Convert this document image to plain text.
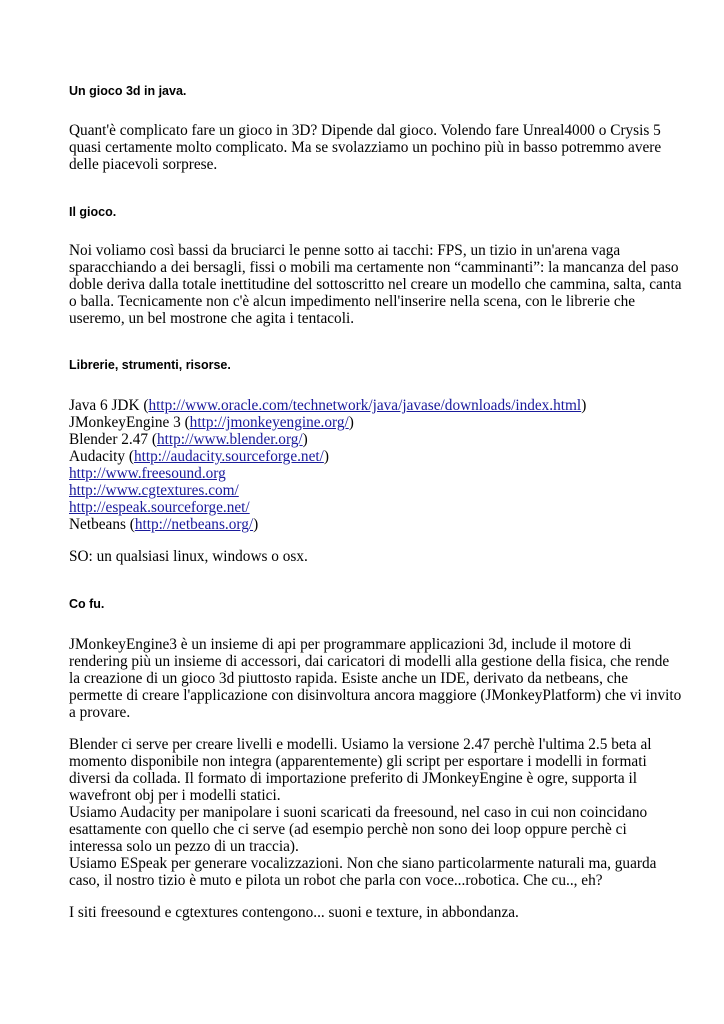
Un gioco 3d in java.
Quant'è complicato fare un gioco in 3D? Dipende dal gioco. Volendo fare Unreal4000 o Crysis 5
quasi certamente molto complicato. Ma se svolazziamo un pochino più in basso potremmo avere
delle piacevoli sorprese.
Il gioco.
Noi voliamo così bassi da bruciarci le penne sotto ai tacchi: FPS, un tizio in un'arena vaga
sparacchiando a dei bersagli, fissi o mobili ma certamente non “camminanti”: la mancanza del paso
doble deriva dalla totale inettitudine del sottoscritto nel creare un modello che cammina, salta, canta
o balla. Tecnicamente non c'è alcun impedimento nell'inserire nella scena, con le librerie che
useremo, un bel mostrone che agita i tentacoli.
Librerie, strumenti, risorse.
Java 6 JDK (http://www.oracle.com/technetwork/java/javase/downloads/index.html)
JMonkeyEngine 3 (http://jmonkeyengine.org/)
Blender 2.47 (http://www.blender.org/)
Audacity (http://audacity.sourceforge.net/)
http://www.freesound.org
http://www.cgtextures.com/
http://espeak.sourceforge.net/
Netbeans (http://netbeans.org/)
SO: un qualsiasi linux, windows o osx.
Co fu.
JMonkeyEngine3 è un insieme di api per programmare applicazioni 3d, include il motore di
rendering più un insieme di accessori, dai caricatori di modelli alla gestione della fisica, che rende
la creazione di un gioco 3d piuttosto rapida. Esiste anche un IDE, derivato da netbeans, che
permette di creare l'applicazione con disinvoltura ancora maggiore (JMonkeyPlatform) che vi invito
a provare.
Blender ci serve per creare livelli e modelli. Usiamo la versione 2.47 perchè l'ultima 2.5 beta al
momento disponibile non integra (apparentemente) gli script per esportare i modelli in formati
diversi da collada. Il formato di importazione preferito di JMonkeyEngine è ogre, supporta il
wavefront obj per i modelli statici.
Usiamo Audacity per manipolare i suoni scaricati da freesound, nel caso in cui non coincidano
esattamente con quello che ci serve (ad esempio perchè non sono dei loop oppure perchè ci
interessa solo un pezzo di un traccia).
Usiamo ESpeak per generare vocalizzazioni. Non che siano particolarmente naturali ma, guarda
caso, il nostro tizio è muto e pilota un robot che parla con voce...robotica. Che cu.., eh?
I siti freesound e cgtextures contengono... suoni e texture, in abbondanza.
